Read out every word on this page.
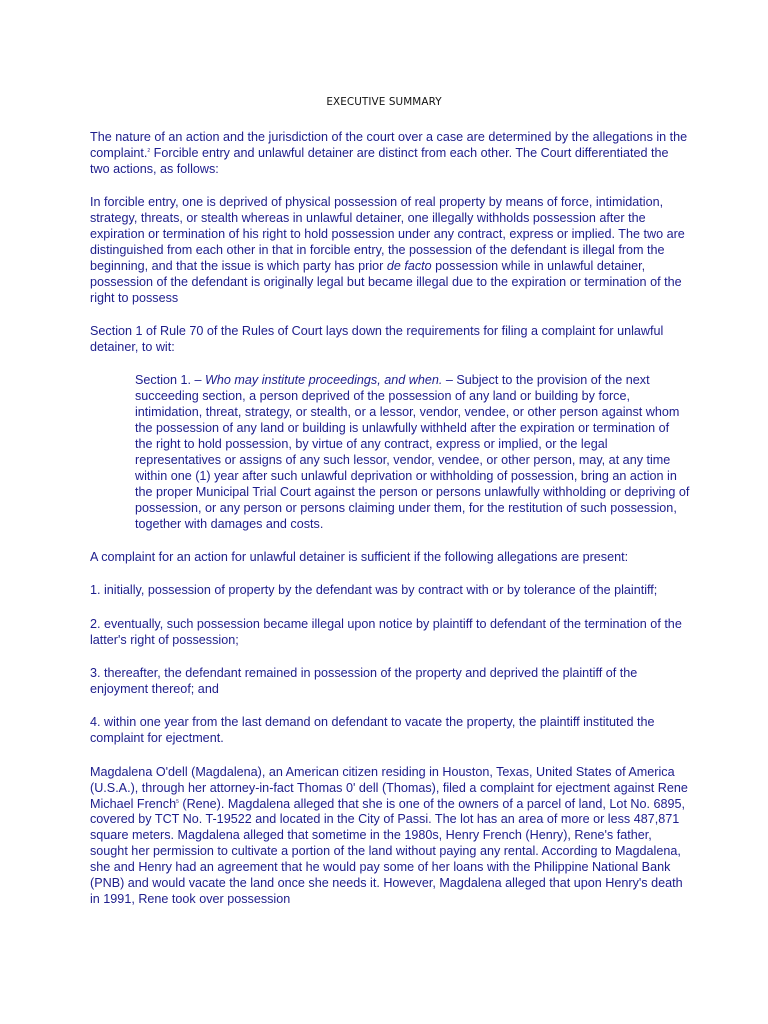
EXECUTIVE SUMMARY

The nature of an action and the jurisdiction of the court over a case are determined by the allegations in the complaint.$^2$ Forcible entry and unlawful detainer are distinct from each other. The Court differentiated the two actions, as follows:

In forcible entry, one is deprived of physical possession of real property by means of force, intimidation, strategy, threats, or stealth whereas in unlawful detainer, one illegally withholds possession after the expiration or termination of his right to hold possession under any contract, express or implied. The two are distinguished from each other in that in forcible entry, the possession of the defendant is illegal from the beginning, and that the issue is which party has prior de facto possession while in unlawful detainer, possession of the defendant is originally legal but became illegal due to the expiration or termination of the right to possess

Section 1 of Rule 70 of the Rules of Court lays down the requirements for filing a complaint for unlawful detainer, to wit:

Section 1. – Who may institute proceedings, and when. – Subject to the provision of the next succeeding section, a person deprived of the possession of any land or building by force, intimidation, threat, strategy, or stealth, or a lessor, vendor, vendee, or other person against whom the possession of any land or building is unlawfully withheld after the expiration or termination of the right to hold possession, by virtue of any contract, express or implied, or the legal representatives or assigns of any such lessor, vendor, vendee, or other person, may, at any time within one (1) year after such unlawful deprivation or withholding of possession, bring an action in the proper Municipal Trial Court against the person or persons unlawfully withholding or depriving of possession, or any person or persons claiming under them, for the restitution of such possession, together with damages and costs.

A complaint for an action for unlawful detainer is sufficient if the following allegations are present:

1. initially, possession of property by the defendant was by contract with or by tolerance of the plaintiff;

2. eventually, such possession became illegal upon notice by plaintiff to defendant of the termination of the latter's right of possession;

3. thereafter, the defendant remained in possession of the property and deprived the plaintiff of the enjoyment thereof; and

4. within one year from the last demand on defendant to vacate the property, the plaintiff instituted the complaint for ejectment.

Magdalena O'dell (Magdalena), an American citizen residing in Houston, Texas, United States of America (U.S.A.), through her attorney-in-fact Thomas 0' dell (Thomas), filed a complaint for ejectment against Rene Michael French$^5$ (Rene). Magdalena alleged that she is one of the owners of a parcel of land, Lot No. 6895, covered by TCT No. T-19522 and located in the City of Passi. The lot has an area of more or less 487,871 square meters. Magdalena alleged that sometime in the 1980s, Henry French (Henry), Rene's father, sought her permission to cultivate a portion of the land without paying any rental. According to Magdalena, she and Henry had an agreement that he would pay some of her loans with the Philippine National Bank (PNB) and would vacate the land once she needs it. However, Magdalena alleged that upon Henry's death in 1991, Rene took over possession
